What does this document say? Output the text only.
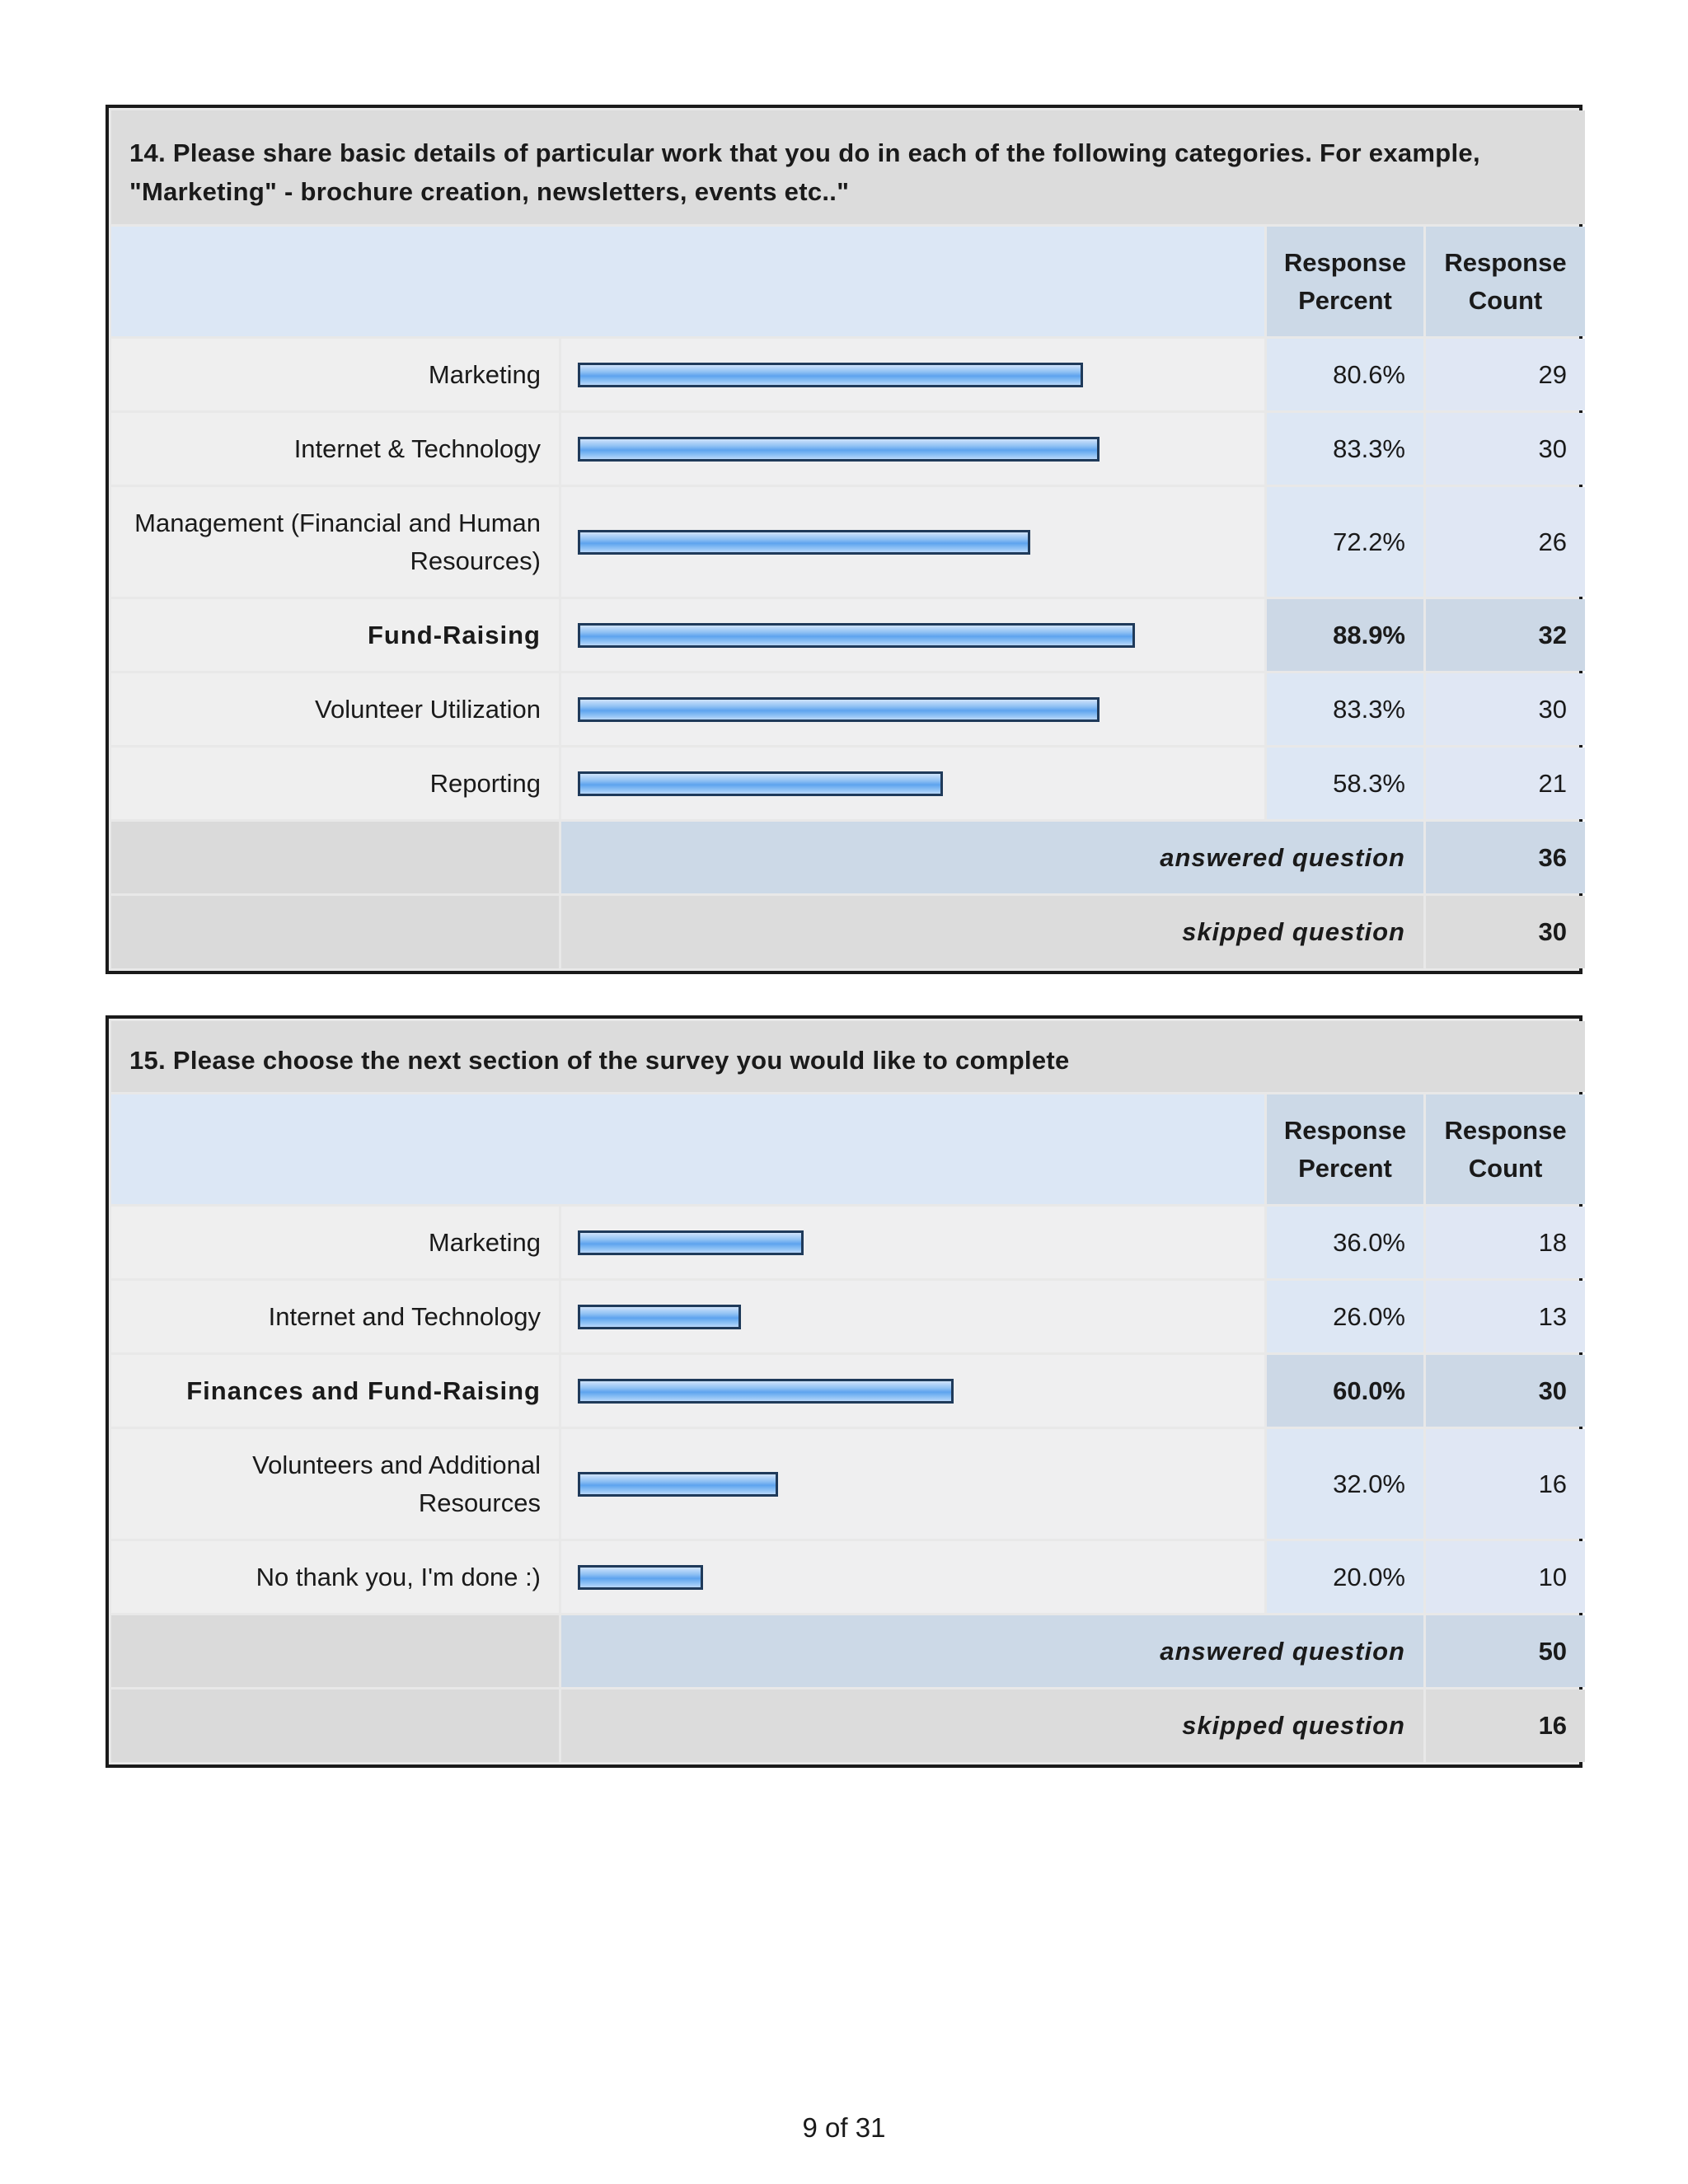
14. Please share basic details of particular work that you do in each of the following categories. For example, "Marketing" - brochure creation, newsletters, events etc.."			
		Response Percent	Response Count
Marketing		80.6%	29
Internet & Technology		83.3%	30
Management (Financial and Human Resources)		72.2%	26
Fund-Raising		88.9%	32
Volunteer Utilization		83.3%	30
Reporting		58.3%	21
	answered question		36
	skipped question		30
15. Please choose the next section of the survey you would like to complete			
		Response Percent	Response Count
Marketing		36.0%	18
Internet and Technology		26.0%	13
Finances and Fund-Raising		60.0%	30
Volunteers and Additional Resources		32.0%	16
No thank you, I'm done :)		20.0%	10
	answered question		50
	skipped question		16
9 of 31
